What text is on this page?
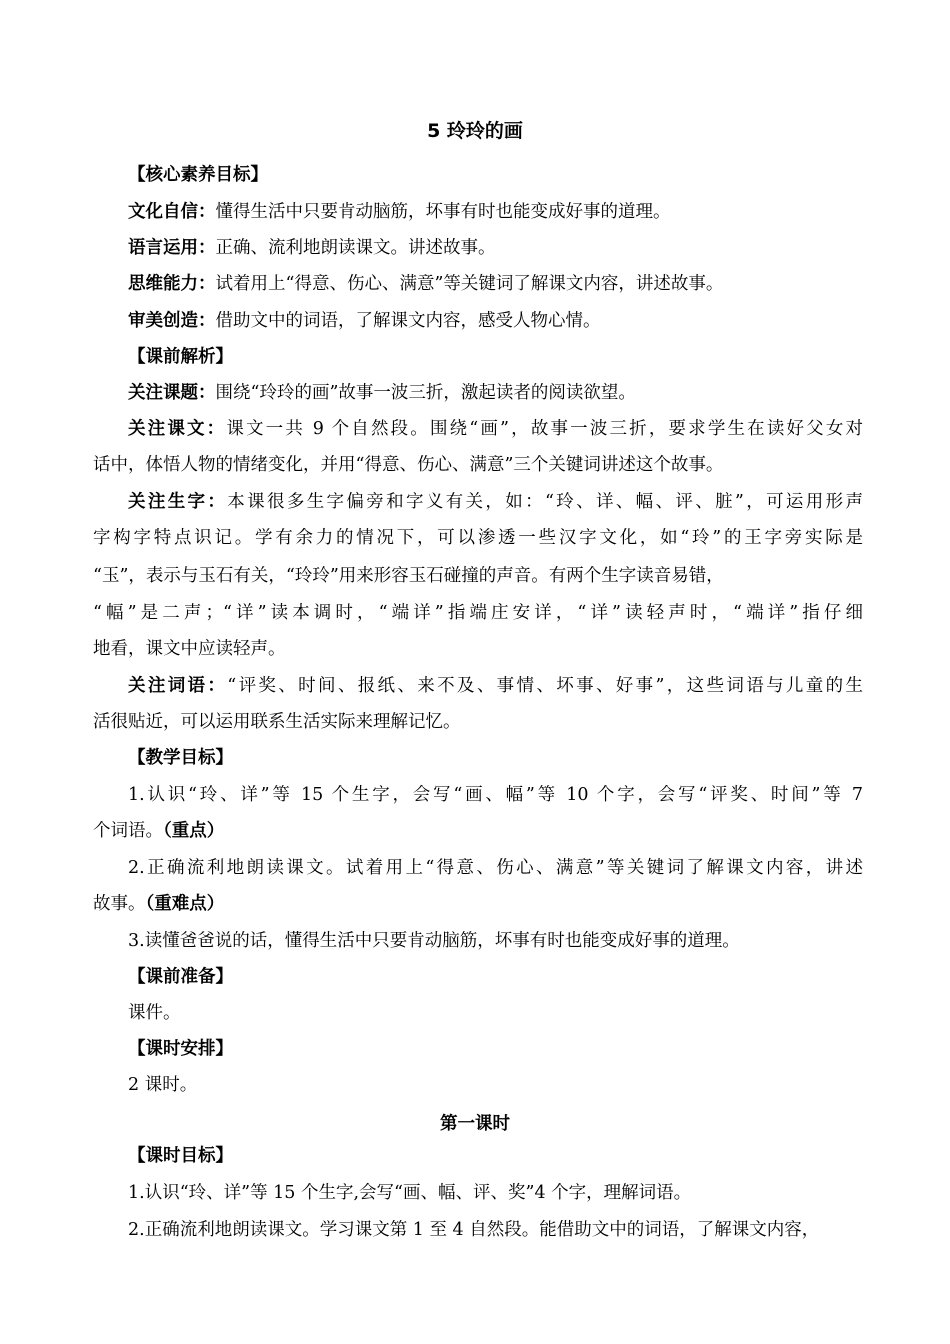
5 玲玲的画
【核心素养目标】
文化自信：懂得生活中只要肯动脑筋，坏事有时也能变成好事的道理。
语言运用：正确、流利地朗读课文。讲述故事。
思维能力：试着用上“得意、伤心、满意”等关键词了解课文内容，讲述故事。
审美创造：借助文中的词语，了解课文内容，感受人物心情。
【课前解析】
关注课题：围绕“玲玲的画”故事一波三折，激起读者的阅读欲望。
关注课文：课文一共 9 个自然段。围绕“画”，故事一波三折，要求学生在读好父女对
话中，体悟人物的情绪变化，并用“得意、伤心、满意”三个关键词讲述这个故事。
关注生字：本课很多生字偏旁和字义有关，如：“玲、详、幅、评、脏”，可运用形声
字构字特点识记。学有余力的情况下，可以渗透一些汉字文化，如“玲”的王字旁实际是
“玉”，表示与玉石有关，“玲玲”用来形容玉石碰撞的声音。有两个生字读音易错，
“幅”是二声；“详”读本调时，“端详”指端庄安详，“详”读轻声时，“端详”指仔细
地看，课文中应读轻声。
关注词语：“评奖、时间、报纸、来不及、事情、坏事、好事”，这些词语与儿童的生
活很贴近，可以运用联系生活实际来理解记忆。
【教学目标】
1.认识“玲、详”等 15 个生字，会写“画、幅”等 10 个字，会写“评奖、时间”等 7
个词语。（重点）
2.正确流利地朗读课文。试着用上“得意、伤心、满意”等关键词了解课文内容，讲述
故事。（重难点）
3.读懂爸爸说的话，懂得生活中只要肯动脑筋，坏事有时也能变成好事的道理。
【课前准备】
课件。
【课时安排】
2 课时。
第一课时
【课时目标】
1.认识“玲、详”等 15 个生字,会写“画、幅、评、奖”4 个字，理解词语。
2.正确流利地朗读课文。学习课文第 1 至 4 自然段。能借助文中的词语，了解课文内容，
